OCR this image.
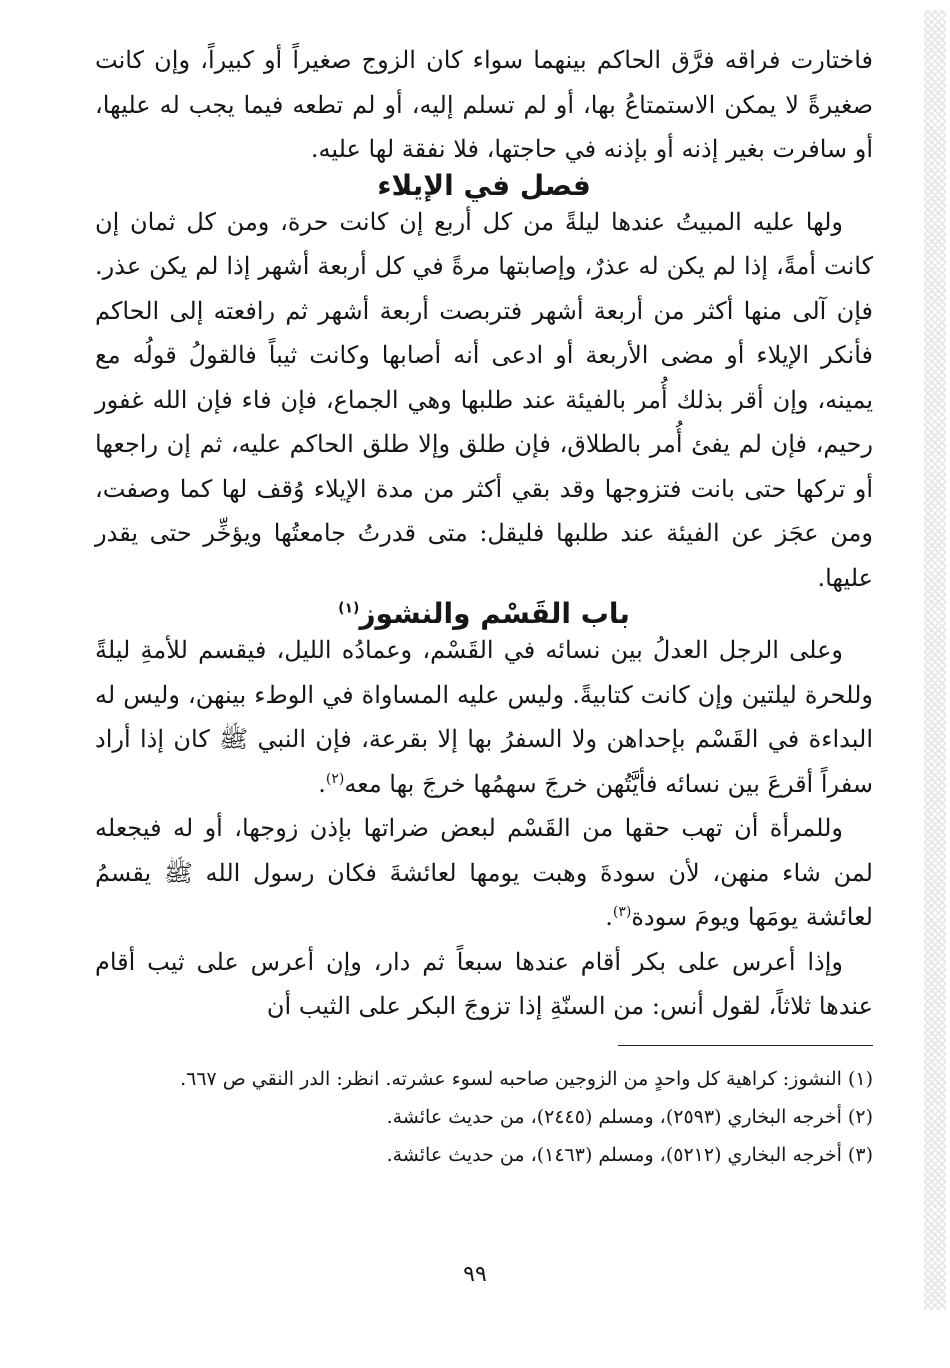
فاختارت فراقه فرَّق الحاكم بينهما سواء كان الزوج صغيراً أو كبيراً، وإن كانت صغيرةً لا يمكن الاستمتاعُ بها، أو لم تسلم إليه، أو لم تطعه فيما يجب له عليها، أو سافرت بغير إذنه أو بإذنه في حاجتها، فلا نفقة لها عليه.

فصل في الإيلاء

ولها عليه المبيتُ عندها ليلةً من كل أربع إن كانت حرة، ومن كل ثمان إن كانت أمةً، إذا لم يكن له عذرٌ، وإصابتها مرةً في كل أربعة أشهر إذا لم يكن عذر. فإن آلى منها أكثر من أربعة أشهر فتربصت أربعة أشهر ثم رافعته إلى الحاكم فأنكر الإيلاء أو مضى الأربعة أو ادعى أنه أصابها وكانت ثيباً فالقولُ قولُه مع يمينه، وإن أقر بذلك أُمر بالفيئة عند طلبها وهي الجماع، فإن فاء فإن الله غفور رحيم، فإن لم يفئ أُمر بالطلاق، فإن طلق وإلا طلق الحاكم عليه، ثم إن راجعها أو تركها حتى بانت فتزوجها وقد بقي أكثر من مدة الإيلاء وُقف لها كما وصفت، ومن عجَز عن الفيئة عند طلبها فليقل: متى قدرتُ جامعتُها ويؤخِّر حتى يقدر عليها.

باب القَسْم والنشوز$^{(١)}$

وعلى الرجل العدلُ بين نسائه في القَسْم، وعمادُه الليل، فيقسم للأمةِ ليلةً وللحرة ليلتين وإن كانت كتابيةً. وليس عليه المساواة في الوطء بينهن، وليس له البداءة في القَسْم بإحداهن ولا السفرُ بها إلا بقرعة، فإن النبي ﷺ كان إذا أراد سفراً أقرعَ بين نسائه فأيَّتُهن خرجَ سهمُها خرجَ بها معه$^{(٢)}$.

وللمرأة أن تهب حقها من القَسْم لبعض ضراتها بإذن زوجها، أو له فيجعله لمن شاء منهن، لأن سودةَ وهبت يومها لعائشةَ فكان رسول الله ﷺ يقسمُ لعائشة يومَها ويومَ سودة$^{(٣)}$.

وإذا أعرس على بكر أقام عندها سبعاً ثم دار، وإن أعرس على ثيب أقام عندها ثلاثاً، لقول أنس: من السنّةِ إذا تزوجَ البكر على الثيب أن

(١) النشوز: كراهية كل واحدٍ من الزوجين صاحبه لسوء عشرته. انظر: الدر النقي ص ٦٦٧.

(٢) أخرجه البخاري (٢٥٩٣)، ومسلم (٢٤٤٥)، من حديث عائشة.

(٣) أخرجه البخاري (٥٢١٢)، ومسلم (١٤٦٣)، من حديث عائشة.

٩٩
